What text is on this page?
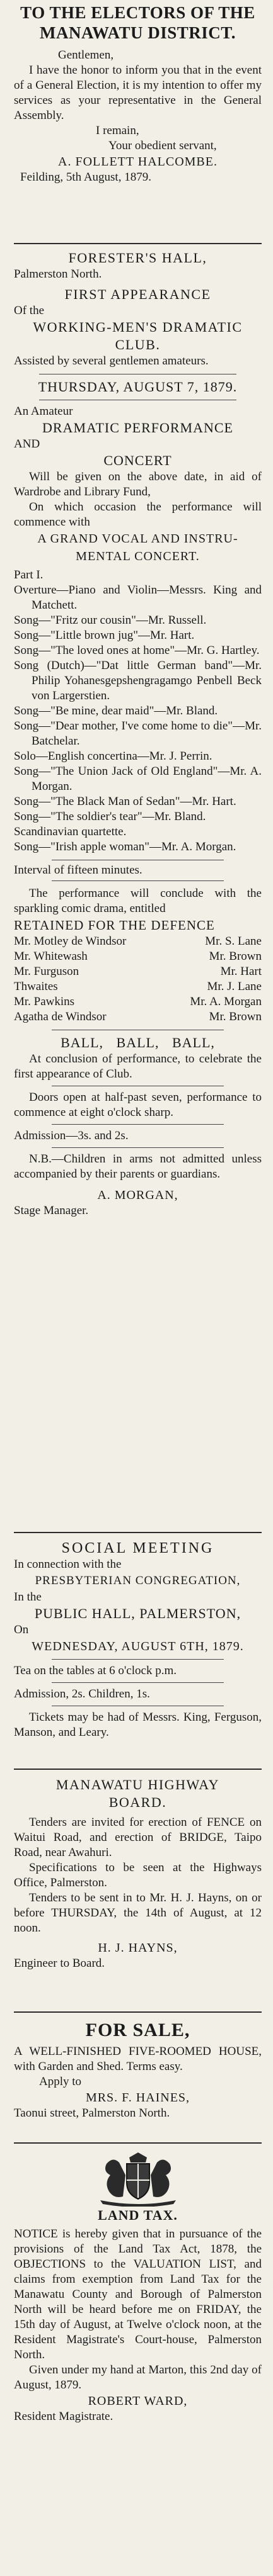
TO THE ELECTORS OF THE

MANAWATU DISTRICT.

Gentlemen,

I have the honor to inform you that in the event of a General Election, it is my intention to offer my services as your representative in the General Assembly.

I remain,

Your obedient servant,

A. FOLLETT HALCOMBE.

Feilding, 5th August, 1879.

FORESTER'S HALL,

Palmerston North.

FIRST APPEARANCE

Of the

WORKING-MEN'S DRAMATIC

CLUB.

Assisted by several gentlemen amateurs.

THURSDAY, AUGUST 7, 1879.

An Amateur

DRAMATIC PERFORMANCE

AND

CONCERT

Will be given on the above date, in aid of Wardrobe and Library Fund,

On which occasion the performance will commence with

A GRAND VOCAL AND INSTRU-

MENTAL CONCERT.

Part I.

Overture—Piano and Violin—Messrs. King and Matchett.

Song—"Fritz our cousin"—Mr. Russell.

Song—"Little brown jug"—Mr. Hart.

Song—"The loved ones at home"—Mr. G. Hartley.

Song (Dutch)—"Dat little German band"—Mr. Philip Yohanesgepshengragamgo Penbell Beck von Largerstien.

Song—"Be mine, dear maid"—Mr. Bland.

Song—"Dear mother, I've come home to die"—Mr. Batchelar.

Solo—English concertina—Mr. J. Perrin.

Song—"The Union Jack of Old England"—Mr. A. Morgan.

Song—"The Black Man of Sedan"—Mr. Hart.

Song—"The soldier's tear"—Mr. Bland.

Scandinavian quartette.

Song—"Irish apple woman"—Mr. A. Morgan.

Interval of fifteen minutes.

The performance will conclude with the sparkling comic drama, entitled

RETAINED FOR THE DEFENCE

Mr. Motley de Windsor	Mr. S. Lane
Mr. Whitewash	Mr. Brown
Mr. Furguson	Mr. Hart
Thwaites	Mr. J. Lane
Mr. Pawkins	Mr. A. Morgan
Agatha de Windsor	Mr. Brown

BALL, BALL, BALL,

At conclusion of performance, to celebrate the first appearance of Club.

Doors open at half-past seven, performance to commence at eight o'clock sharp.

Admission—3s. and 2s.

N.B.—Children in arms not admitted unless accompanied by their parents or guardians.

A. MORGAN,

Stage Manager.

SOCIAL MEETING

In connection with the

PRESBYTERIAN CONGREGATION,

In the

PUBLIC HALL, PALMERSTON,

On

WEDNESDAY, AUGUST 6TH, 1879.

Tea on the tables at 6 o'clock p.m.

Admission, 2s. Children, 1s.

Tickets may be had of Messrs. King, Ferguson, Manson, and Leary.

MANAWATU HIGHWAY

BOARD.

Tenders are invited for erection of FENCE on Waitui Road, and erection of BRIDGE, Taipo Road, near Awahuri.

Specifications to be seen at the Highways Office, Palmerston.

Tenders to be sent in to Mr. H. J. Hayns, on or before THURSDAY, the 14th of August, at 12 noon.

H. J. HAYNS,

Engineer to Board.

FOR SALE,

A WELL-FINISHED FIVE-ROOMED HOUSE, with Garden and Shed. Terms easy.

Apply to

MRS. F. HAINES,

Taonui street, Palmerston North.

LAND TAX.

NOTICE is hereby given that in pursuance of the provisions of the Land Tax Act, 1878, the OBJECTIONS to the VALUATION LIST, and claims from exemption from Land Tax for the Manawatu County and Borough of Palmerston North will be heard before me on FRIDAY, the 15th day of August, at Twelve o'clock noon, at the Resident Magistrate's Court-house, Palmerston North.

Given under my hand at Marton, this 2nd day of August, 1879.

ROBERT WARD,

Resident Magistrate.
